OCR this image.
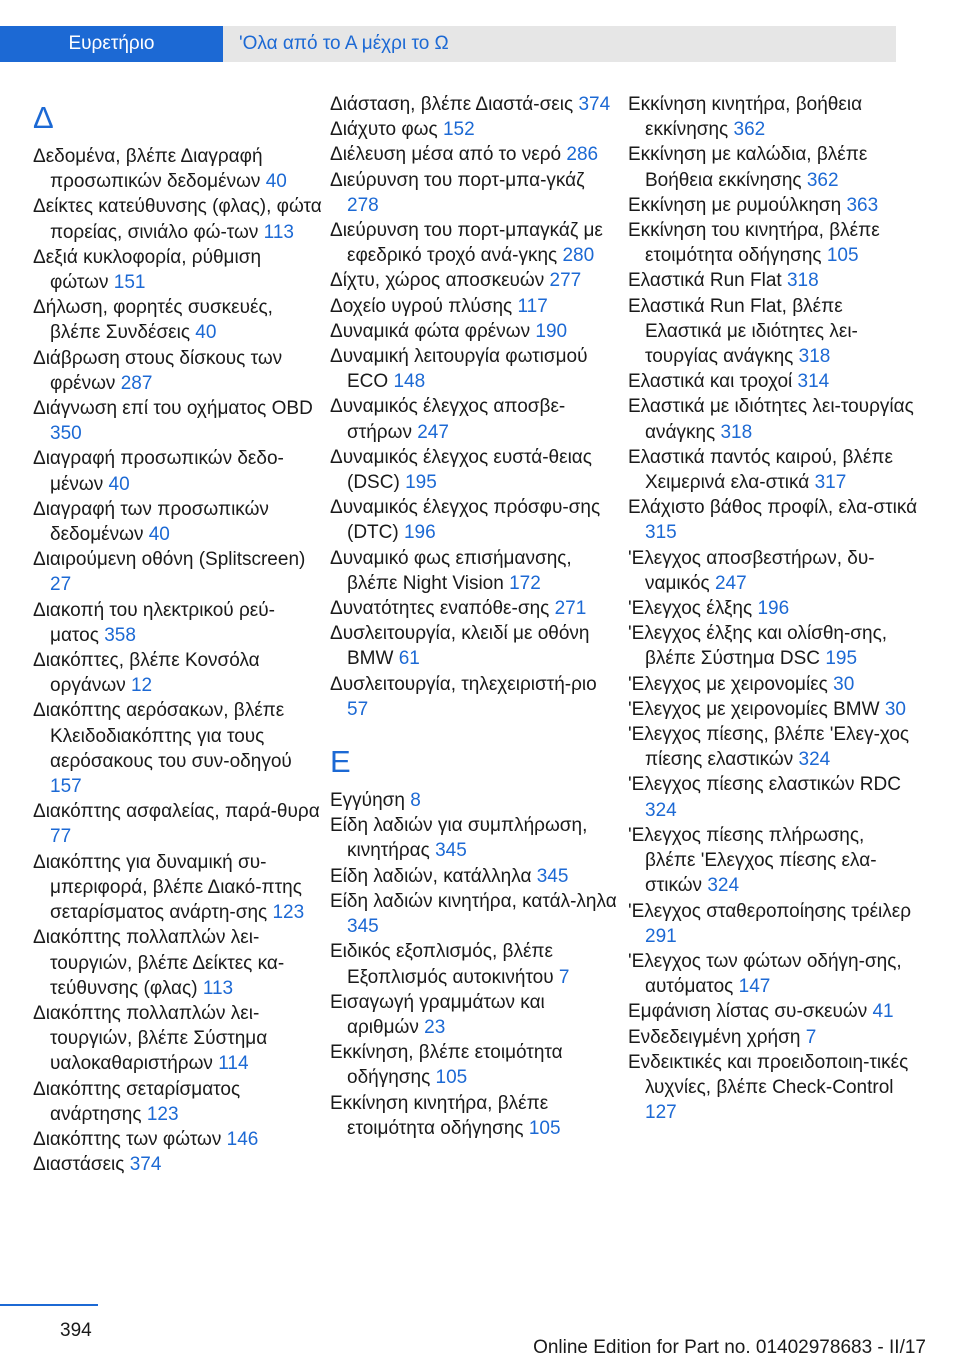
Ευρετήριο	'Ολα από το Α μέχρι το Ω
Δ
Δεδομένα, βλέπε Διαγραφή προσωπικών δεδομένων 40
Δείκτες κατεύθυνσης (φλας), φώτα πορείας, σινιάλο φώ‐των 113
Δεξιά κυκλοφορία, ρύθμιση φώτων 151
Δήλωση, φορητές συσκευές, βλέπε Συνδέσεις 40
Διάβρωση στους δίσκους των φρένων 287
Διάγνωση επί του οχήματος OBD 350
Διαγραφή προσωπικών δεδο‐μένων 40
Διαγραφή των προσωπικών δεδομένων 40
Διαιρούμενη οθόνη (Splitscreen) 27
Διακοπή του ηλεκτρικού ρεύ‐ματος 358
Διακόπτες, βλέπε Κονσόλα οργάνων 12
Διακόπτης αερόσακων, βλέπε Κλειδοδιακόπτης για τους αερόσακους του συν‐οδηγού 157
Διακόπτης ασφαλείας, παρά‐θυρα 77
Διακόπτης για δυναμική συ‐μπεριφορά, βλέπε Διακό‐πτης σεταρίσματος ανάρτη‐σης 123
Διακόπτης πολλαπλών λει‐τουργιών, βλέπε Δείκτες κα‐τεύθυνσης (φλας) 113
Διακόπτης πολλαπλών λει‐τουργιών, βλέπε Σύστημα υαλοκαθαριστήρων 114
Διακόπτης σεταρίσματος ανάρτησης 123
Διακόπτης των φώτων 146
Διαστάσεις 374
Διάσταση, βλέπε Διαστά‐σεις 374
Διάχυτο φως 152
Διέλευση μέσα από το νερό 286
Διεύρυνση του πορτ-μπα‐γκάζ 278
Διεύρυνση του πορτ-μπαγκάζ με εφεδρικό τροχό ανά‐γκης 280
Δίχτυ, χώρος αποσκευών 277
Δοχείο υγρού πλύσης 117
Δυναμικά φώτα φρένων 190
Δυναμική λειτουργία φωτισμού ECO 148
Δυναμικός έλεγχος αποσβε‐στήρων 247
Δυναμικός έλεγχος ευστά‐θειας (DSC) 195
Δυναμικός έλεγχος πρόσφυ‐σης (DTC) 196
Δυναμικό φως επισήμανσης, βλέπε Night Vision 172
Δυνατότητες εναπόθε‐σης 271
Δυσλειτουργία, κλειδί με οθόνη BMW 61
Δυσλειτουργία, τηλεχειριστή‐ριο 57
Ε
Εγγύηση 8
Είδη λαδιών για συμπλήρωση, κινητήρας 345
Είδη λαδιών, κατάλληλα 345
Είδη λαδιών κινητήρα, κατάλ‐ληλα 345
Ειδικός εξοπλισμός, βλέπε Εξοπλισμός αυτοκινήτου 7
Εισαγωγή γραμμάτων και αριθμών 23
Εκκίνηση, βλέπε ετοιμότητα οδήγησης 105
Εκκίνηση κινητήρα, βλέπε ετοιμότητα οδήγησης 105
Εκκίνηση κινητήρα, βοήθεια εκκίνησης 362
Εκκίνηση με καλώδια, βλέπε Βοήθεια εκκίνησης 362
Εκκίνηση με ρυμούλκηση 363
Εκκίνηση του κινητήρα, βλέπε ετοιμότητα οδήγησης 105
Ελαστικά Run Flat 318
Ελαστικά Run Flat, βλέπε Ελαστικά με ιδιότητες λει‐τουργίας ανάγκης 318
Ελαστικά και τροχοί 314
Ελαστικά με ιδιότητες λει‐τουργίας ανάγκης 318
Ελαστικά παντός καιρού, βλέπε Χειμερινά ελα‐στικά 317
Ελάχιστο βάθος προφίλ, ελα‐στικά 315
'Ελεγχος αποσβεστήρων, δυ‐ναμικός 247
'Ελεγχος έλξης 196
'Ελεγχος έλξης και ολίσθη‐σης, βλέπε Σύστημα DSC 195
'Ελεγχος με χειρονομίες 30
'Ελεγχος με χειρονομίες BMW 30
'Ελεγχος πίεσης, βλέπε 'Ελεγ‐χος πίεσης ελαστικών 324
'Ελεγχος πίεσης ελαστικών RDC 324
'Ελεγχος πίεσης πλήρωσης, βλέπε 'Ελεγχος πίεσης ελα‐στικών 324
'Ελεγχος σταθεροποίησης τρέιλερ 291
'Ελεγχος των φώτων οδήγη‐σης, αυτόματος 147
Εμφάνιση λίστας συ‐σκευών 41
Ενδεδειγμένη χρήση 7
Ενδεικτικές και προειδοποιη‐τικές λυχνίες, βλέπε Check-Control 127
394
Online Edition for Part no. 01402978683 - II/17
